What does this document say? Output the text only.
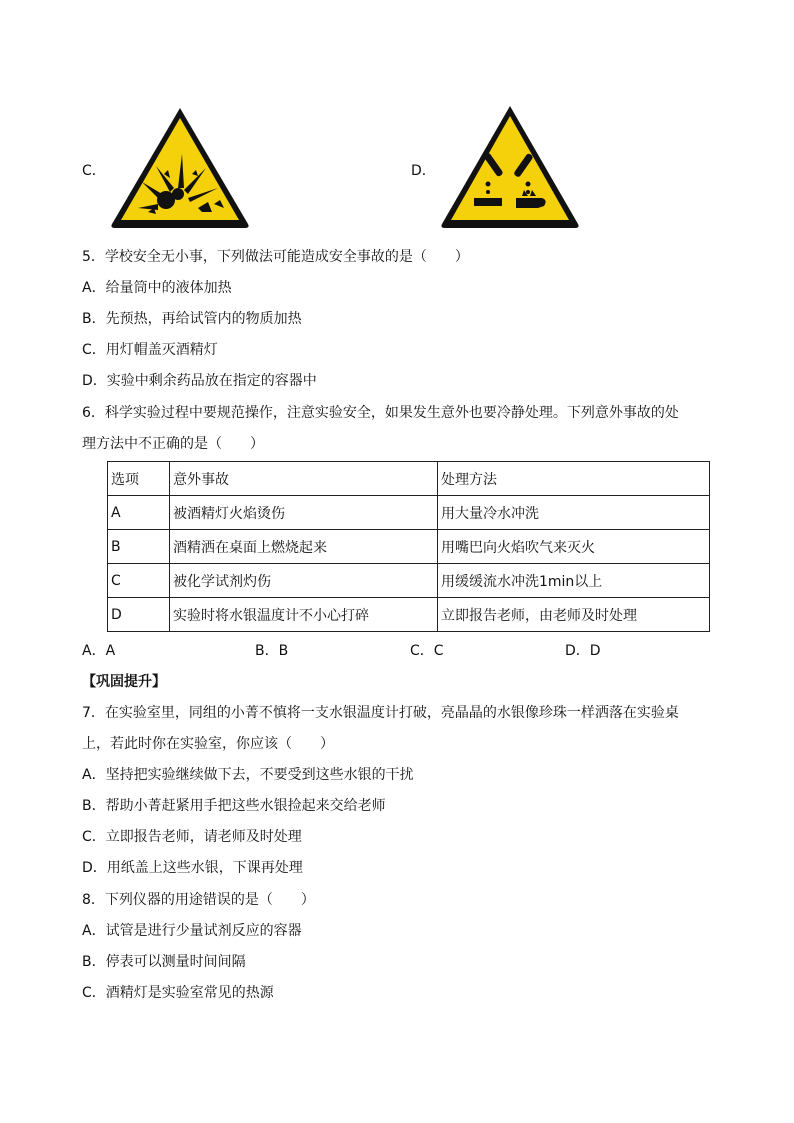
C．	D．
5．学校安全无小事，下列做法可能造成安全事故的是（　　）
A．给量筒中的液体加热
B．先预热，再给试管内的物质加热
C．用灯帽盖灭酒精灯
D．实验中剩余药品放在指定的容器中
6．科学实验过程中要规范操作，注意实验安全，如果发生意外也要冷静处理。下列意外事故的处
理方法中不正确的是（　　）
选项	意外事故	处理方法
A	被酒精灯火焰烫伤	用大量冷水冲洗
B	酒精洒在桌面上燃烧起来	用嘴巴向火焰吹气来灭火
C	被化学试剂灼伤	用缓缓流水冲洗1min以上
D	实验时将水银温度计不小心打碎	立即报告老师，由老师及时处理
A．A	B．B	C．C	D．D
【巩固提升】
7．在实验室里，同组的小菁不慎将一支水银温度计打破，亮晶晶的水银像珍珠一样洒落在实验桌
上，若此时你在实验室，你应该（　　）
A．坚持把实验继续做下去，不要受到这些水银的干扰
B．帮助小菁赶紧用手把这些水银捡起来交给老师
C．立即报告老师，请老师及时处理
D．用纸盖上这些水银，下课再处理
8．下列仪器的用途错误的是（　　）
A．试管是进行少量试剂反应的容器
B．停表可以测量时间间隔
C．酒精灯是实验室常见的热源
